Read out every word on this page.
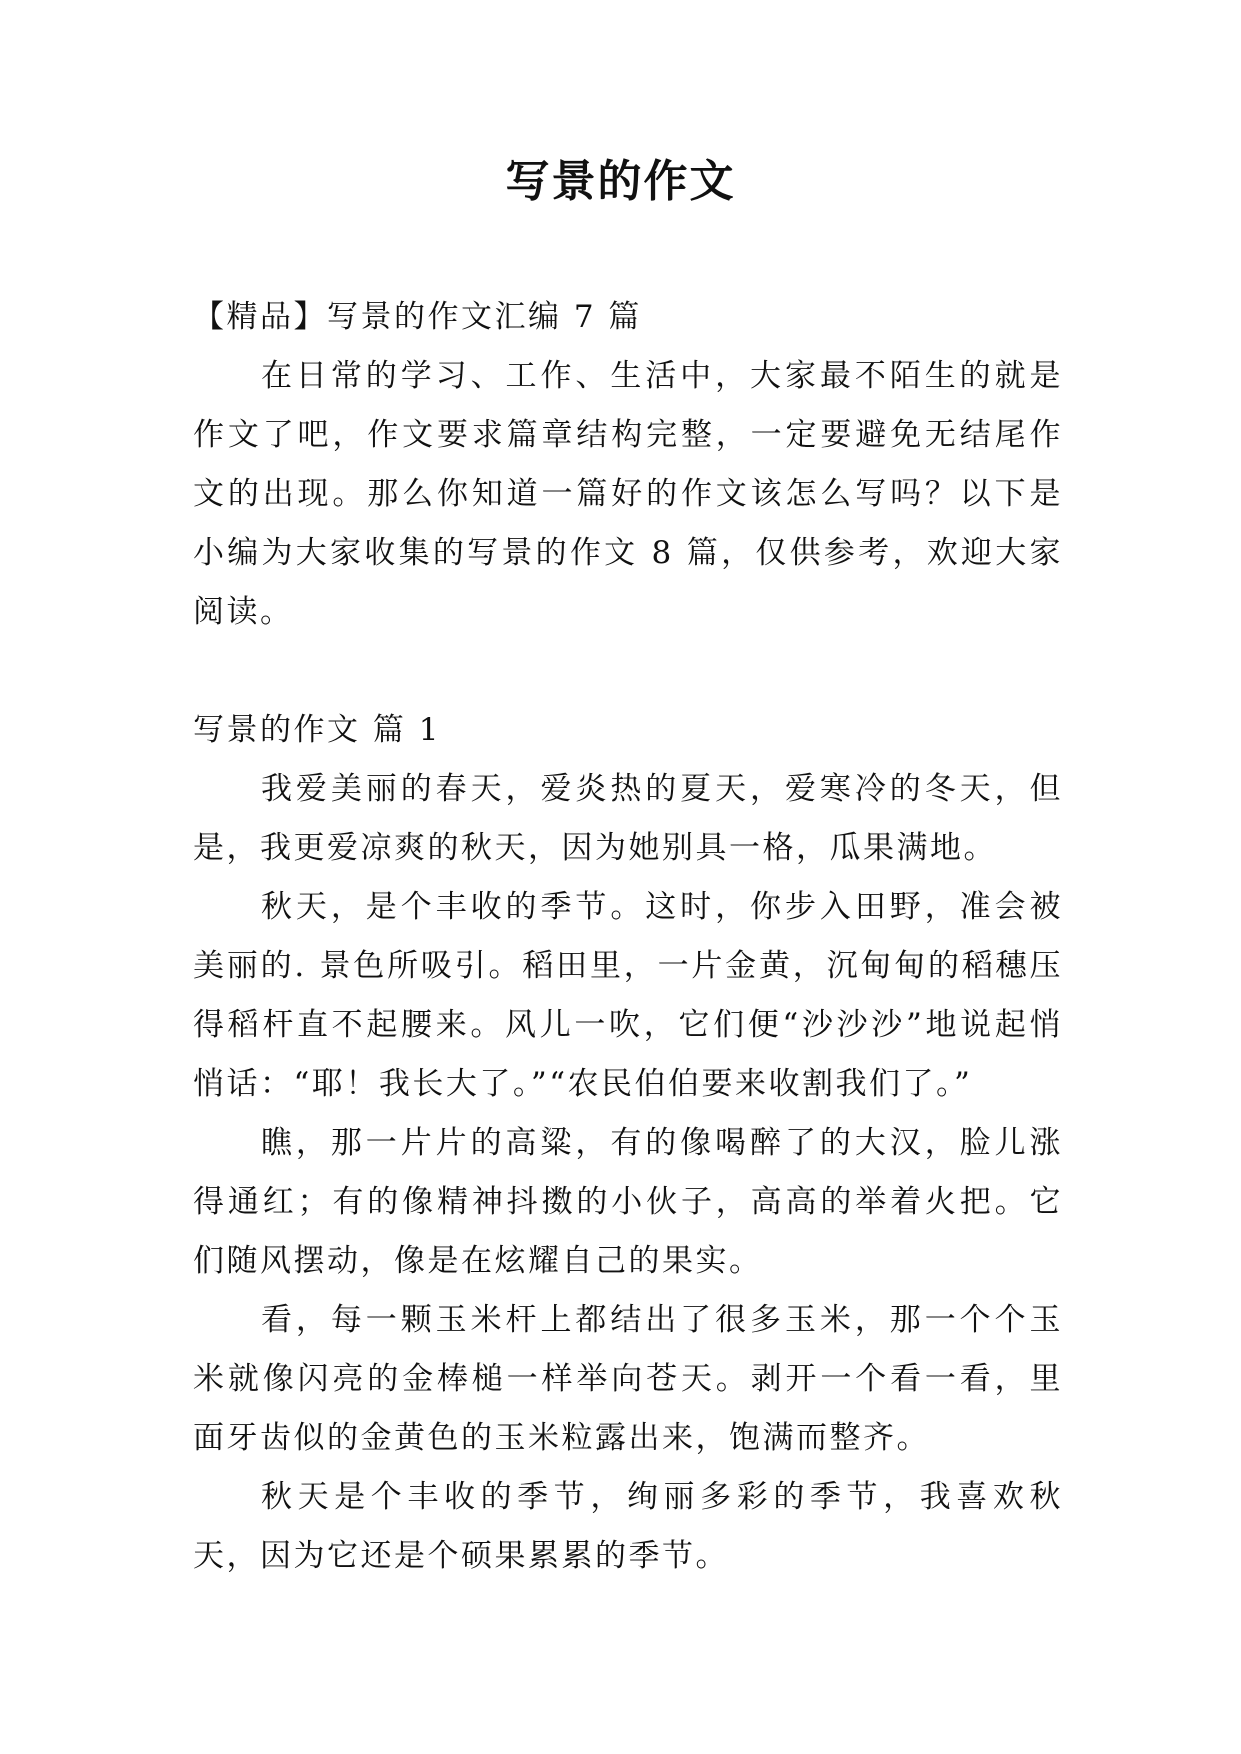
写景的作文

【精品】写景的作文汇编 7 篇

在日常的学习、工作、生活中，大家最不陌生的就是作文了吧，作文要求篇章结构完整，一定要避免无结尾作文的出现。那么你知道一篇好的作文该怎么写吗？以下是小编为大家收集的写景的作文 8 篇，仅供参考，欢迎大家阅读。

写景的作文 篇 1

我爱美丽的春天，爱炎热的夏天，爱寒冷的冬天，但是，我更爱凉爽的秋天，因为她别具一格，瓜果满地。

秋天，是个丰收的季节。这时，你步入田野，准会被美丽的. 景色所吸引。稻田里，一片金黄，沉甸甸的稻穗压得稻杆直不起腰来。风儿一吹，它们便“沙沙沙”地说起悄悄话：“耶！我长大了。”“农民伯伯要来收割我们了。”

瞧，那一片片的高粱，有的像喝醉了的大汉，脸儿涨得通红；有的像精神抖擞的小伙子，高高的举着火把。它们随风摆动，像是在炫耀自己的果实。

看，每一颗玉米杆上都结出了很多玉米，那一个个玉米就像闪亮的金棒槌一样举向苍天。剥开一个看一看，里面牙齿似的金黄色的玉米粒露出来，饱满而整齐。

秋天是个丰收的季节，绚丽多彩的季节，我喜欢秋天，因为它还是个硕果累累的季节。
